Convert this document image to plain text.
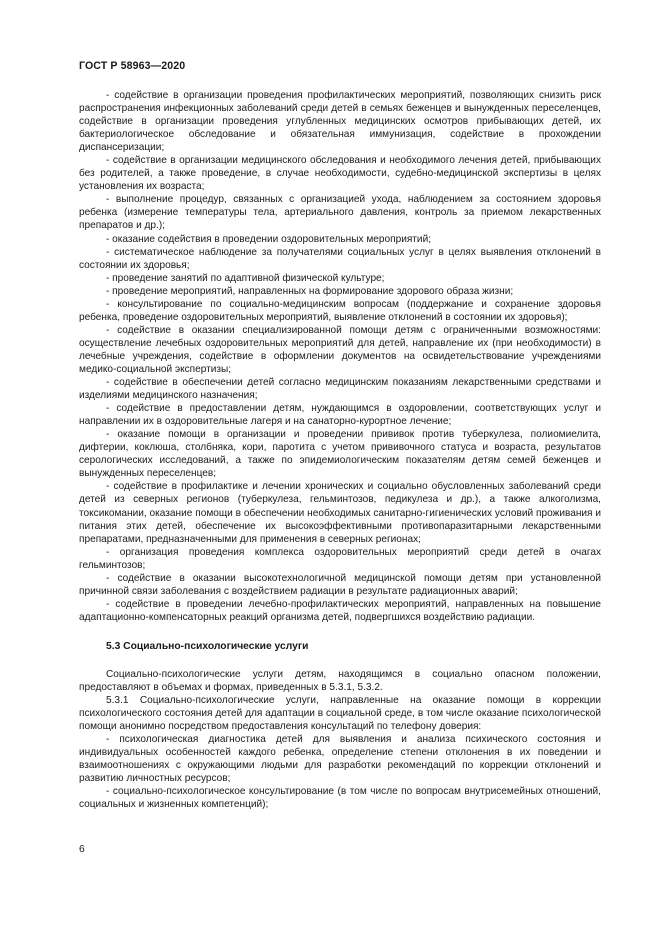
ГОСТ Р 58963—2020

- содействие в организации проведения профилактических мероприятий, позволяющих снизить риск распространения инфекционных заболеваний среди детей в семьях беженцев и вынужденных переселенцев, содействие в организации проведения углубленных медицинских осмотров прибывающих детей, их бактериологическое обследование и обязательная иммунизация, содействие в прохождении диспансеризации;

- содействие в организации медицинского обследования и необходимого лечения детей, прибывающих без родителей, а также проведение, в случае необходимости, судебно-медицинской экспертизы в целях установления их возраста;

- выполнение процедур, связанных с организацией ухода, наблюдением за состоянием здоровья ребенка (измерение температуры тела, артериального давления, контроль за приемом лекарственных препаратов и др.);

- оказание содействия в проведении оздоровительных мероприятий;

- систематическое наблюдение за получателями социальных услуг в целях выявления отклонений в состоянии их здоровья;

- проведение занятий по адаптивной физической культуре;

- проведение мероприятий, направленных на формирование здорового образа жизни;

- консультирование по социально-медицинским вопросам (поддержание и сохранение здоровья ребенка, проведение оздоровительных мероприятий, выявление отклонений в состоянии их здоровья);

- содействие в оказании специализированной помощи детям с ограниченными возможностями: осуществление лечебных оздоровительных мероприятий для детей, направление их (при необходимости) в лечебные учреждения, содействие в оформлении документов на освидетельствование учреждениями медико-социальной экспертизы;

- содействие в обеспечении детей согласно медицинским показаниям лекарственными средствами и изделиями медицинского назначения;

- содействие в предоставлении детям, нуждающимся в оздоровлении, соответствующих услуг и направлении их в оздоровительные лагеря и на санаторно-курортное лечение;

- оказание помощи в организации и проведении прививок против туберкулеза, полиомиелита, дифтерии, коклюша, столбняка, кори, паротита с учетом прививочного статуса и возраста, результатов серологических исследований, а также по эпидемиологическим показателям детям семей беженцев и вынужденных переселенцев;

- содействие в профилактике и лечении хронических и социально обусловленных заболеваний среди детей из северных регионов (туберкулеза, гельминтозов, педикулеза и др.), а также алкоголизма, токсикомании, оказание помощи в обеспечении необходимых санитарно-гигиенических условий проживания и питания этих детей, обеспечение их высокоэффективными противопаразитарными лекарственными препаратами, предназначенными для применения в северных регионах;

- организация проведения комплекса оздоровительных мероприятий среди детей в очагах гельминтозов;

- содействие в оказании высокотехнологичной медицинской помощи детям при установленной причинной связи заболевания с воздействием радиации в результате радиационных аварий;

- содействие в проведении лечебно-профилактических мероприятий, направленных на повышение адаптационно-компенсаторных реакций организма детей, подвергшихся воздействию радиации.

5.3 Социально-психологические услуги

Социально-психологические услуги детям, находящимся в социально опасном положении, предоставляют в объемах и формах, приведенных в 5.3.1, 5.3.2.

5.3.1 Социально-психологические услуги, направленные на оказание помощи в коррекции психологического состояния детей для адаптации в социальной среде, в том числе оказание психологической помощи анонимно посредством предоставления консультаций по телефону доверия:

- психологическая диагностика детей для выявления и анализа психического состояния и индивидуальных особенностей каждого ребенка, определение степени отклонения в их поведении и взаимоотношениях с окружающими людьми для разработки рекомендаций по коррекции отклонений и развитию личностных ресурсов;

- социально-психологическое консультирование (в том числе по вопросам внутрисемейных отношений, социальных и жизненных компетенций);

6
